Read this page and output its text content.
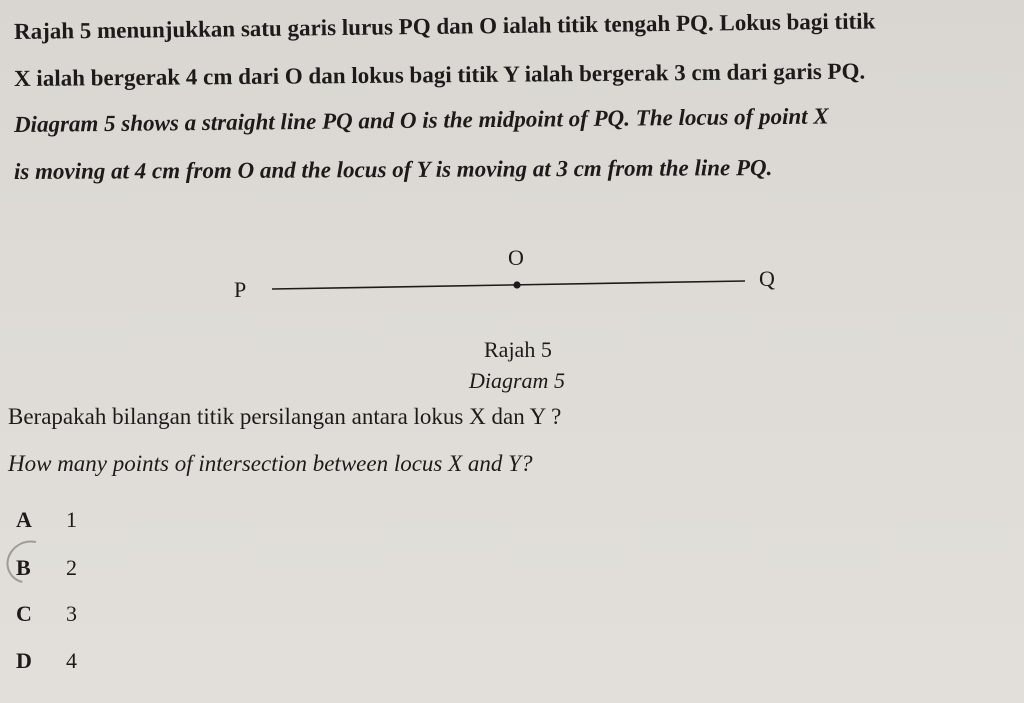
Rajah 5 menunjukkan satu garis lurus PQ dan O ialah titik tengah PQ. Lokus bagi titik

X ialah bergerak 4 cm dari O dan lokus bagi titik Y ialah bergerak 3 cm dari garis PQ.

Diagram 5 shows a straight line PQ and O is the midpoint of PQ. The locus of point X

is moving at 4 cm from O and the locus of Y is moving at 3 cm from the line PQ.

P
O
Q
Rajah 5
Diagram 5

Berapakah bilangan titik persilangan antara lokus X dan Y ?

How many points of intersection between locus X and Y?

A 1
B 2
C 3
D 4
